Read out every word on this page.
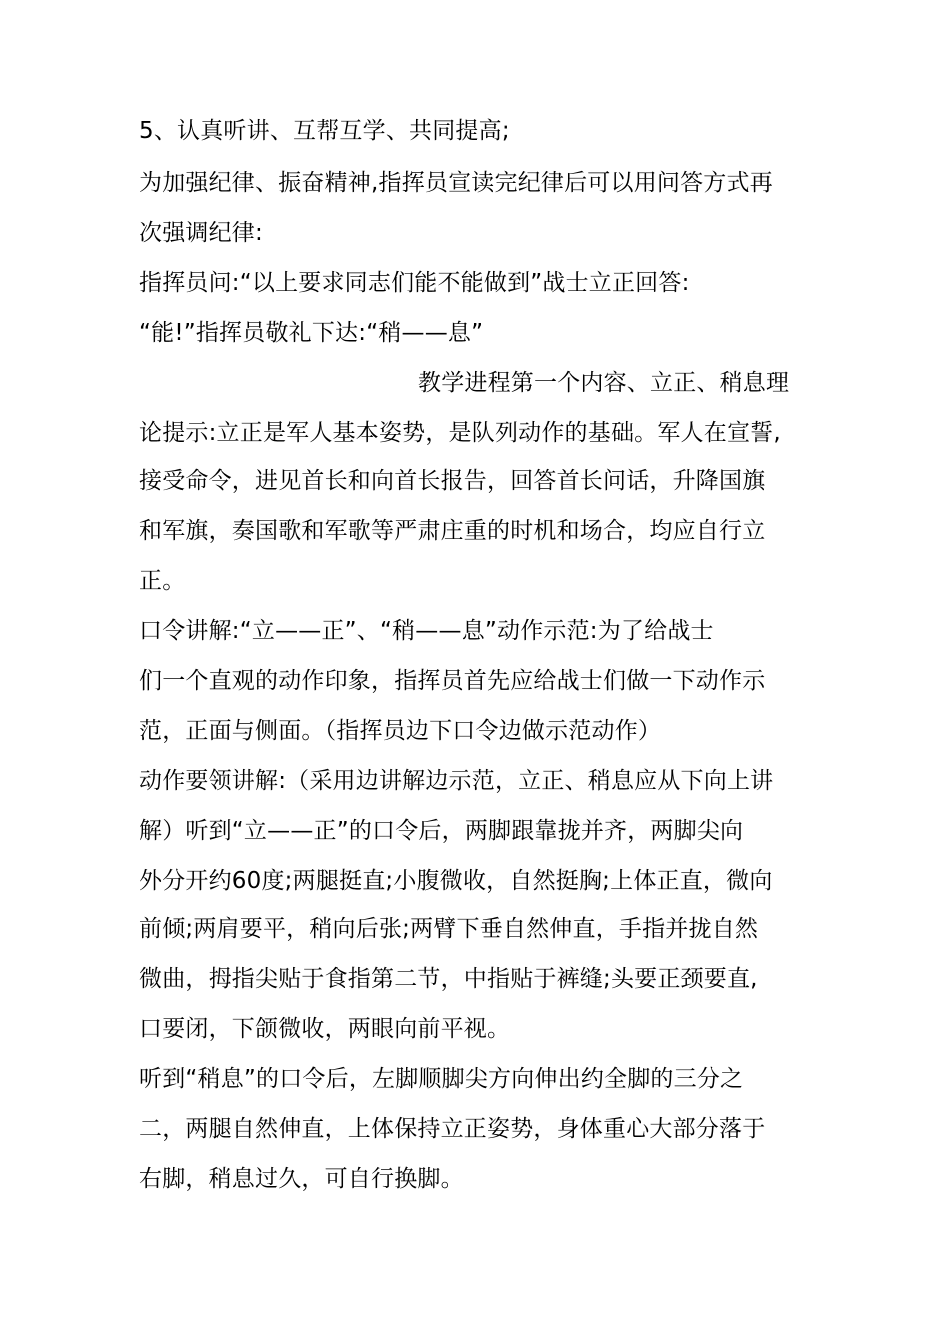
5、认真听讲、互帮互学、共同提高;
为加强纪律、振奋精神,指挥员宣读完纪律后可以用问答方式再
次强调纪律:
指挥员问:“以上要求同志们能不能做到”战士立正回答:
“能!”指挥员敬礼下达:“稍——息”
教学进程第一个内容、立正、稍息理
论提示:立正是军人基本姿势，是队列动作的基础。军人在宣誓,
接受命令，进见首长和向首长报告，回答首长问话，升降国旗
和军旗，奏国歌和军歌等严肃庄重的时机和场合，均应自行立
正。
口令讲解:“立——正”、“稍——息”动作示范:为了给战士
们一个直观的动作印象，指挥员首先应给战士们做一下动作示
范，正面与侧面。（指挥员边下口令边做示范动作）
动作要领讲解:（采用边讲解边示范，立正、稍息应从下向上讲
解）听到“立——正”的口令后，两脚跟靠拢并齐，两脚尖向
外分开约60度;两腿挺直;小腹微收，自然挺胸;上体正直，微向
前倾;两肩要平，稍向后张;两臂下垂自然伸直，手指并拢自然
微曲，拇指尖贴于食指第二节，中指贴于裤缝;头要正颈要直,
口要闭，下颌微收，两眼向前平视。
听到“稍息”的口令后，左脚顺脚尖方向伸出约全脚的三分之
二，两腿自然伸直，上体保持立正姿势，身体重心大部分落于
右脚，稍息过久，可自行换脚。
